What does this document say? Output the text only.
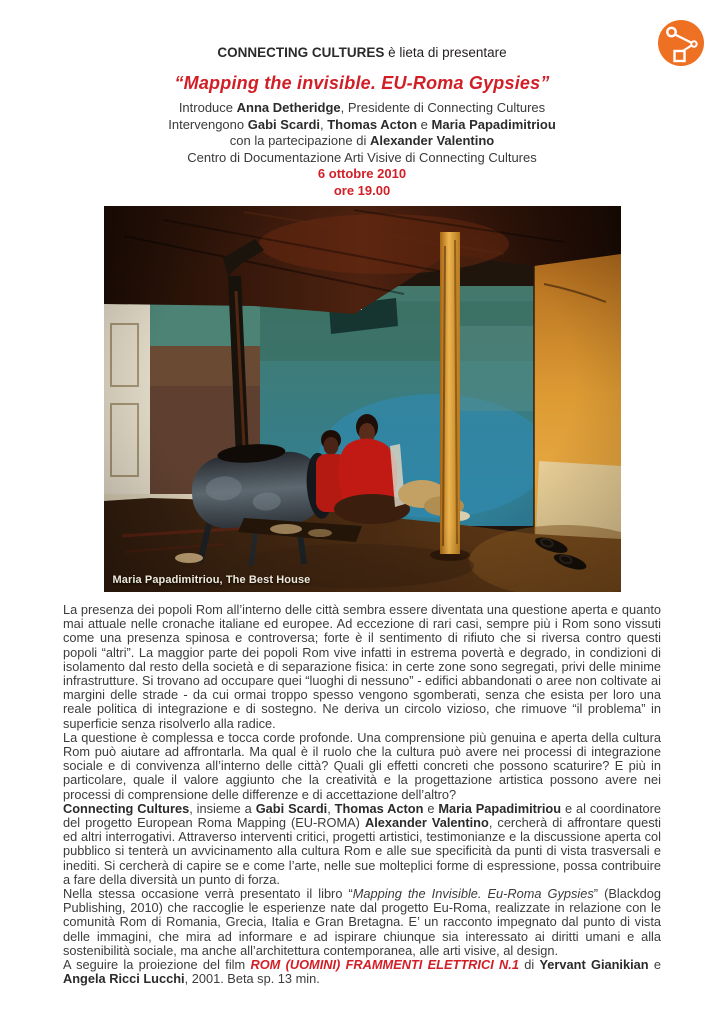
CONNECTING CULTURES è lieta di presentare
“Mapping the invisible. EU-Roma Gypsies”
Introduce Anna Detheridge, Presidente di Connecting Cultures
Intervengono Gabi Scardi, Thomas Acton e Maria Papadimitriou
con la partecipazione di Alexander Valentino
Centro di Documentazione Arti Visive di Connecting Cultures
6 ottobre 2010
ore 19.00
Maria Papadimitriou, The Best House

La presenza dei popoli Rom all’interno delle città sembra essere diventata una questione aperta e quanto mai attuale nelle cronache italiane ed europee. Ad eccezione di rari casi, sempre più i Rom sono vissuti come una presenza spinosa e controversa; forte è il sentimento di rifiuto che si riversa contro questi popoli “altri”. La maggior parte dei popoli Rom vive infatti in estrema povertà e degrado, in condizioni di isolamento dal resto della società e di separazione fisica: in certe zone sono segregati, privi delle minime infrastrutture. Si trovano ad occupare quei “luoghi di nessuno” - edifici abbandonati o aree non coltivate ai margini delle strade - da cui ormai troppo spesso vengono sgomberati, senza che esista per loro una reale politica di integrazione e di sostegno. Ne deriva un circolo vizioso, che rimuove “il problema” in superficie senza risolverlo alla radice.

La questione è complessa e tocca corde profonde. Una comprensione più genuina e aperta della cultura Rom può aiutare ad affrontarla. Ma qual è il ruolo che la cultura può avere nei processi di integrazione sociale e di convivenza all’interno delle città? Quali gli effetti concreti che possono scaturire? E più in particolare, quale il valore aggiunto che la creatività e la progettazione artistica possono avere nei processi di comprensione delle differenze e di accettazione dell’altro?

Connecting Cultures, insieme a Gabi Scardi, Thomas Acton e Maria Papadimitriou e al coordinatore del progetto European Roma Mapping (EU-ROMA) Alexander Valentino, cercherà di affrontare questi ed altri interrogativi. Attraverso interventi critici, progetti artistici, testimonianze e la discussione aperta col pubblico si tenterà un avvicinamento alla cultura Rom e alle sue specificità da punti di vista trasversali e inediti. Si cercherà di capire se e come l’arte, nelle sue molteplici forme di espressione, possa contribuire a fare della diversità un punto di forza.

Nella stessa occasione verrà presentato il libro “Mapping the Invisible. Eu-Roma Gypsies” (Blackdog Publishing, 2010) che raccoglie le esperienze nate dal progetto Eu-Roma, realizzate in relazione con le comunità Rom di Romania, Grecia, Italia e Gran Bretagna. E’ un racconto impegnato dal punto di vista delle immagini, che mira ad informare e ad ispirare chiunque sia interessato ai diritti umani e alla sostenibilità sociale, ma anche all’architettura contemporanea, alle arti visive, al design.

A seguire la proiezione del film ROM (UOMINI) FRAMMENTI ELETTRICI N.1 di Yervant Gianikian e Angela Ricci Lucchi, 2001. Beta sp. 13 min.
